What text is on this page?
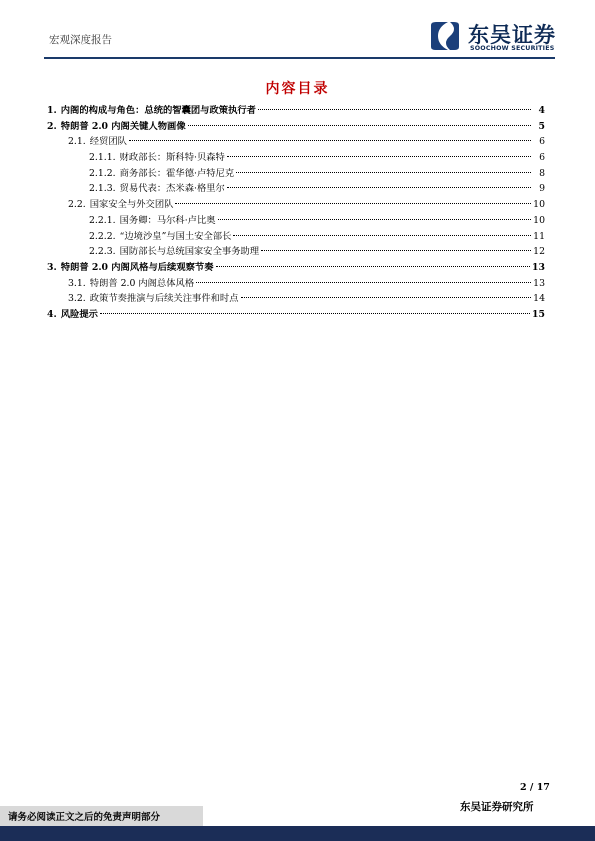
宏观深度报告	东吴证券
SOOCHOW SECURITIES
内容目录
1. 内阁的构成与角色：总统的智囊团与政策执行者	4
2. 特朗普 2.0 内阁关键人物画像	5
2.1. 经贸团队	6
2.1.1. 财政部长：斯科特·贝森特	6
2.1.2. 商务部长：霍华德·卢特尼克	8
2.1.3. 贸易代表：杰米森·格里尔	9
2.2. 国家安全与外交团队	10
2.2.1. 国务卿：马尔科·卢比奥	10
2.2.2. “边境沙皇”与国土安全部长	11
2.2.3. 国防部长与总统国家安全事务助理	12
3. 特朗普 2.0 内阁风格与后续观察节奏	13
3.1. 特朗普 2.0 内阁总体风格	13
3.2. 政策节奏推演与后续关注事件和时点	14
4. 风险提示	15
2 / 17
东吴证券研究所
请务必阅读正文之后的免责声明部分
